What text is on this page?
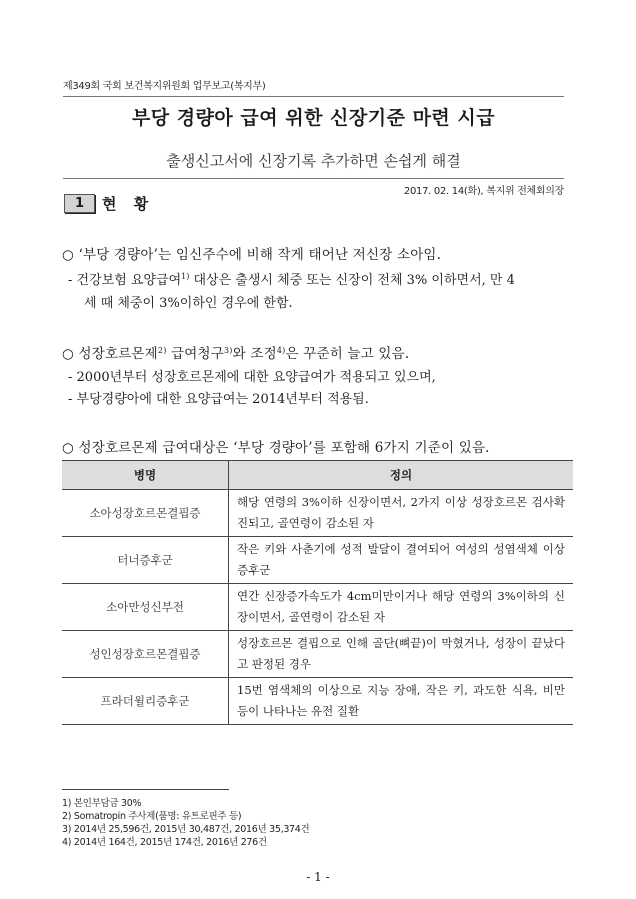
제349회 국회 보건복지위원회 업무보고(복지부)
부당 경량아 급여 위한 신장기준 마련 시급
출생신고서에 신장기록 추가하면 손쉽게 해결
2017. 02. 14(화), 복지위 전체회의장
1	현 황
○ ‘부당 경량아’는 임신주수에 비해 작게 태어난 저신장 소아임.
- 건강보험 요양급여$^{1)}$ 대상은 출생시 체중 또는 신장이 전체 3% 이하면서, 만 4
세 때 체중이 3%이하인 경우에 한함.
○ 성장호르몬제$^{2)}$ 급여청구$^{3)}$와 조정$^{4)}$은 꾸준히 늘고 있음.
- 2000년부터 성장호르몬제에 대한 요양급여가 적용되고 있으며,
- 부당경량아에 대한 요양급여는 2014년부터 적용됨.
○ 성장호르몬제 급여대상은 ‘부당 경량아’를 포함해 6가지 기준이 있음.
병명	정의
소아성장호르몬결핍증	해당 연령의 3%이하 신장이면서, 2가지 이상 성장호르몬 검사확진되고, 골연령이 감소된 자
터너증후군	작은 키와 사춘기에 성적 발달이 결여되어 여성의 성염색체 이상 증후군
소아만성신부전	연간 신장증가속도가 4cm미만이거나 해당 연령의 3%이하의 신장이면서, 골연령이 감소된 자
성인성장호르몬결핍증	성장호르몬 결핍으로 인해 골단(뼈끝)이 막혔거나, 성장이 끝났다고 판정된 경우
프라더윌리증후군	15번 염색체의 이상으로 지능 장애, 작은 키, 과도한 식욕, 비만 등이 나타나는 유전 질환
1) 본인부담금 30%
2) Somatropin 주사제(품명: 유트로핀주 등)
3) 2014년 25,596건, 2015년 30,487건, 2016년 35,374건
4) 2014년 164건, 2015년 174건, 2016년 276건
- 1 -
